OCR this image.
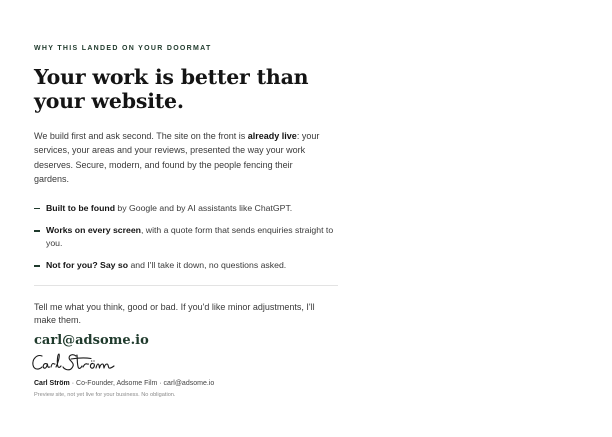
WHY THIS LANDED ON YOUR DOORMAT

Your work is better than
your website.

We build first and ask second. The site on the front is already live: your services, your areas and your reviews, presented the way your work deserves. Secure, modern, and found by the people fencing their gardens.

Built to be found by Google and by AI assistants like ChatGPT.
Works on every screen, with a quote form that sends enquiries straight to you.
Not for you? Say so and I'll take it down, no questions asked.

Tell me what you think, good or bad. If you'd like minor adjustments, I'll make them.

carl@adsome.io

Carl Ström · Co-Founder, Adsome Film · carl@adsome.io

Preview site, not yet live for your business. No obligation.
